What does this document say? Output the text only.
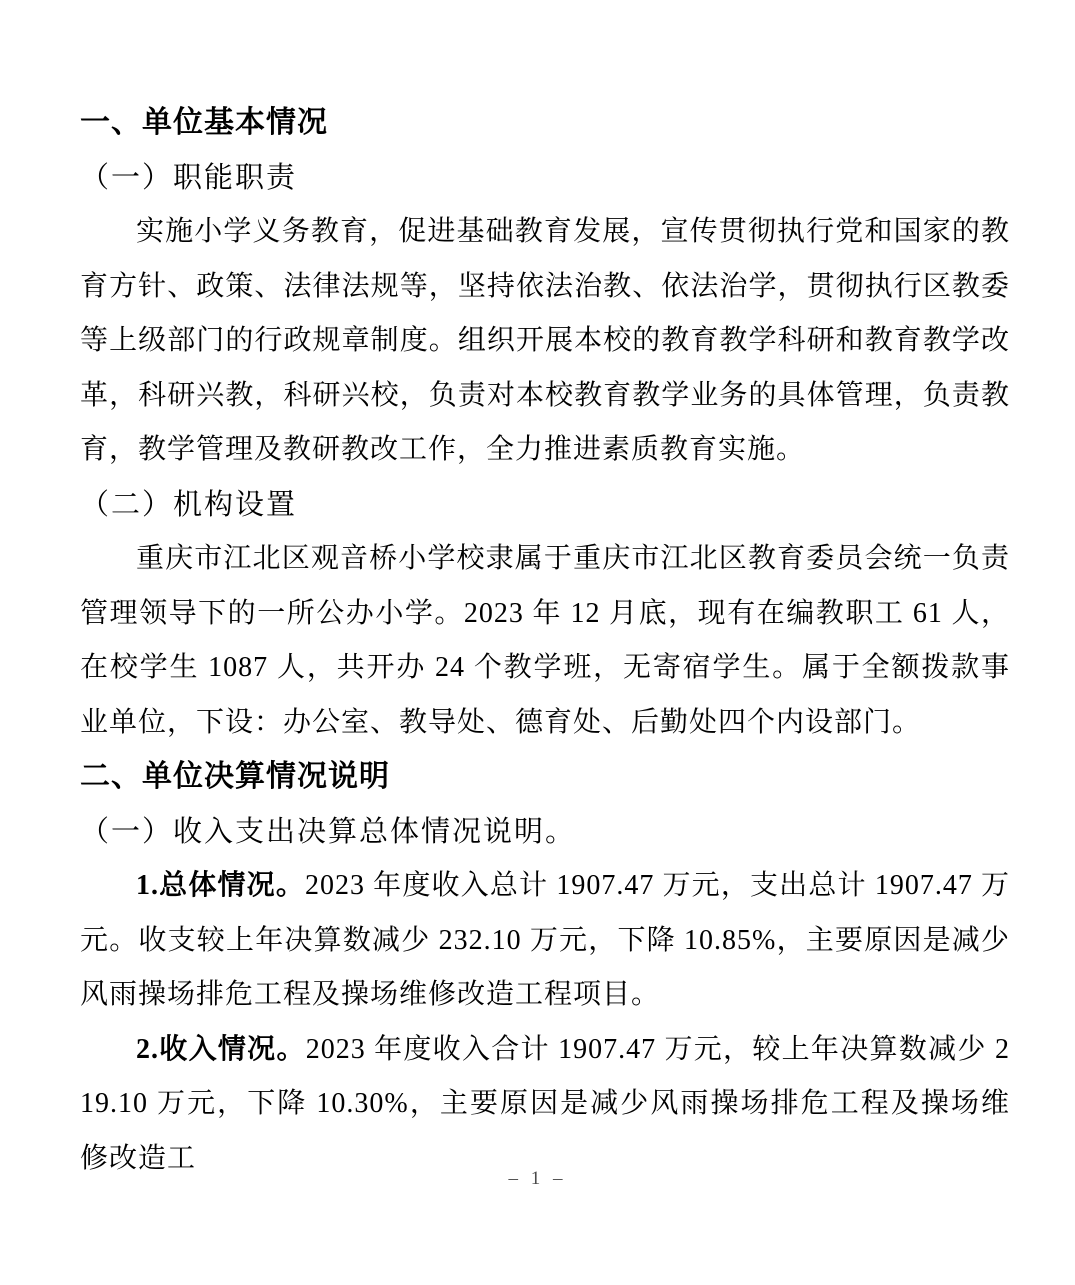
一、单位基本情况
（一）职能职责

实施小学义务教育，促进基础教育发展，宣传贯彻执行党和国家的教育方针、政策、法律法规等，坚持依法治教、依法治学，贯彻执行区教委等上级部门的行政规章制度。组织开展本校的教育教学科研和教育教学改革，科研兴教，科研兴校，负责对本校教育教学业务的具体管理，负责教育，教学管理及教研教改工作，全力推进素质教育实施。

（二）机构设置

重庆市江北区观音桥小学校隶属于重庆市江北区教育委员会统一负责管理领导下的一所公办小学。2023 年 12 月底，现有在编教职工 61 人，在校学生 1087 人，共开办 24 个教学班，无寄宿学生。属于全额拨款事业单位，下设：办公室、教导处、德育处、后勤处四个内设部门。

二、单位决算情况说明
（一）收入支出决算总体情况说明。

1.总体情况。2023 年度收入总计 1907.47 万元，支出总计 1907.47 万元。收支较上年决算数减少 232.10 万元，下降 10.85%，主要原因是减少风雨操场排危工程及操场维修改造工程项目。

2.收入情况。2023 年度收入合计 1907.47 万元，较上年决算数减少 219.10 万元，下降 10.30%，主要原因是减少风雨操场排危工程及操场维修改造工

– 1 –
